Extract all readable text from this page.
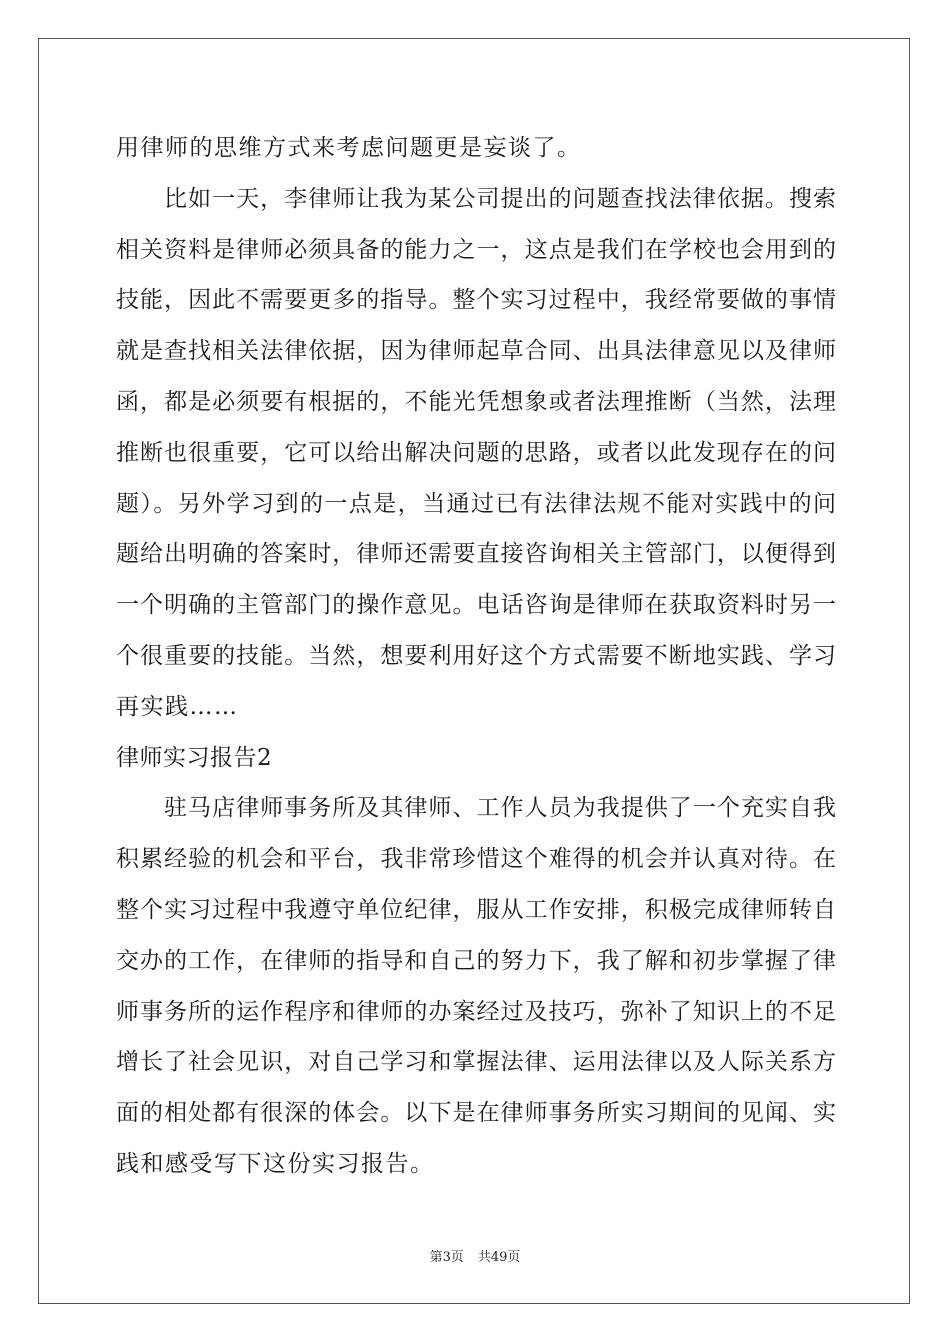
用律师的思维方式来考虑问题更是妄谈了。
比如一天，李律师让我为某公司提出的问题查找法律依据。搜索
相关资料是律师必须具备的能力之一，这点是我们在学校也会用到的
技能，因此不需要更多的指导。整个实习过程中，我经常要做的事情
就是查找相关法律依据，因为律师起草合同、出具法律意见以及律师
函，都是必须要有根据的，不能光凭想象或者法理推断（当然，法理
推断也很重要，它可以给出解决问题的思路，或者以此发现存在的问
题）。另外学习到的一点是，当通过已有法律法规不能对实践中的问
题给出明确的答案时，律师还需要直接咨询相关主管部门，以便得到
一个明确的主管部门的操作意见。电话咨询是律师在获取资料时另一
个很重要的技能。当然，想要利用好这个方式需要不断地实践、学习
再实践……
律师实习报告2
驻马店律师事务所及其律师、工作人员为我提供了一个充实自我
积累经验的机会和平台，我非常珍惜这个难得的机会并认真对待。在
整个实习过程中我遵守单位纪律，服从工作安排，积极完成律师转自
交办的工作，在律师的指导和自己的努力下，我了解和初步掌握了律
师事务所的运作程序和律师的办案经过及技巧，弥补了知识上的不足
增长了社会见识，对自己学习和掌握法律、运用法律以及人际关系方
面的相处都有很深的体会。以下是在律师事务所实习期间的见闻、实
践和感受写下这份实习报告。
第3页 共49页
